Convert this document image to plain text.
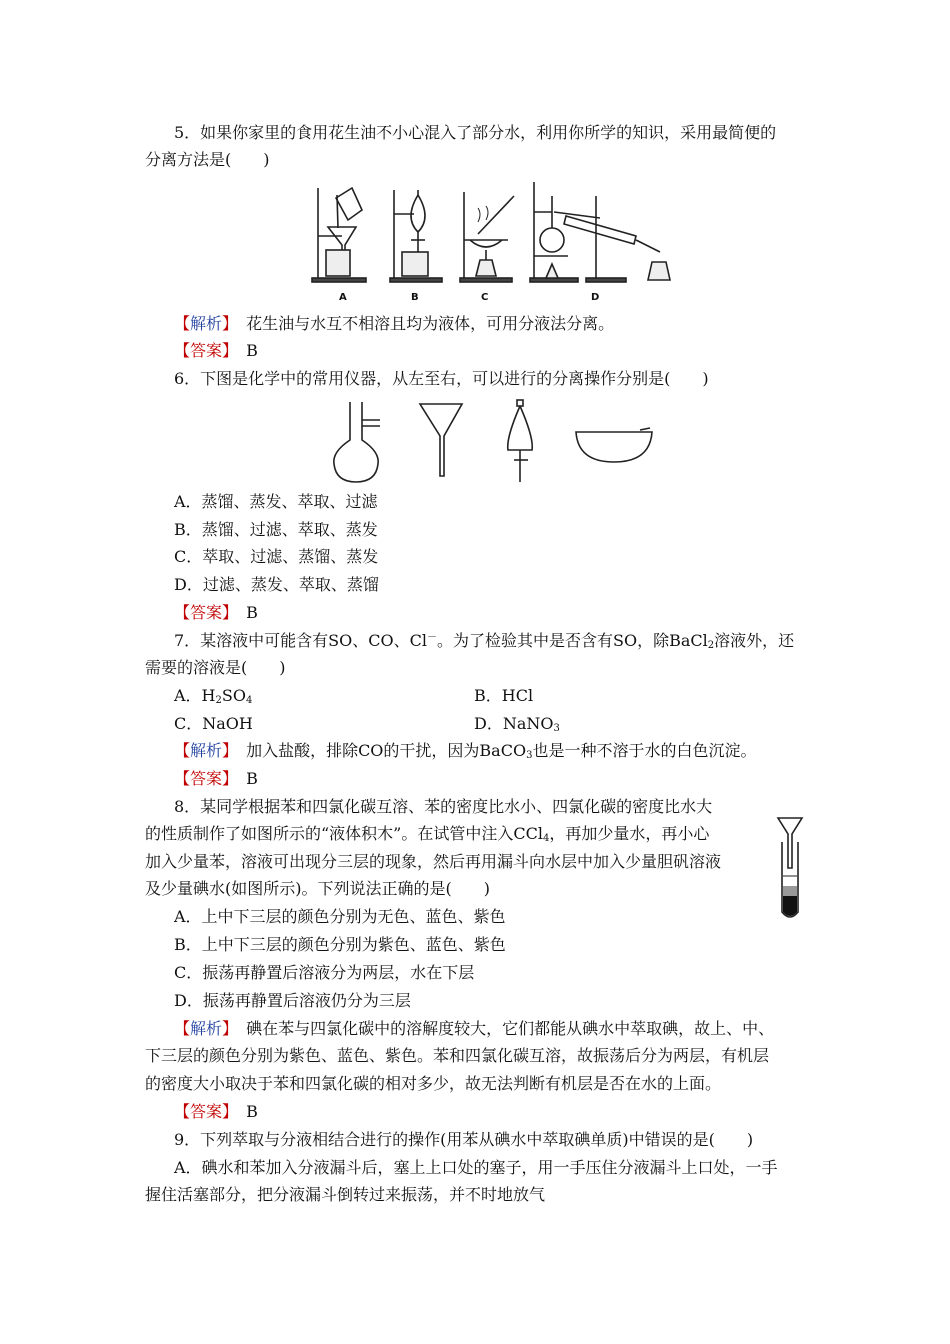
5．如果你家里的食用花生油不小心混入了部分水，利用你所学的知识，采用最简便的
分离方法是(　　)
A	B	C	D
【解析】　 花生油与水互不相溶且均为液体，可用分液法分离。
【答案】　 B
6．下图是化学中的常用仪器，从左至右，可以进行的分离操作分别是(　　)
A．蒸馏、蒸发、萃取、过滤
B．蒸馏、过滤、萃取、蒸发
C．萃取、过滤、蒸馏、蒸发
D．过滤、蒸发、萃取、蒸馏
【答案】　 B
7．某溶液中可能含有SO、CO、Cl－。为了检验其中是否含有SO，除BaCl$_2$溶液外，还
需要的溶液是(　　)
A．$H_2SO_4$	B．HCl
C．NaOH	D．NaNO$_3$
【解析】　 加入盐酸，排除CO的干扰，因为BaCO$_3$也是一种不溶于水的白色沉淀。
【答案】　 B
8．某同学根据苯和四氯化碳互溶、苯的密度比水小、四氯化碳的密度比水大
的性质制作了如图所示的“液体积木”。在试管中注入CCl$_4$，再加少量水，再小心
加入少量苯，溶液可出现分三层的现象，然后再用漏斗向水层中加入少量胆矾溶液
及少量碘水(如图所示)。下列说法正确的是(　　)
A．上中下三层的颜色分别为无色、蓝色、紫色
B．上中下三层的颜色分别为紫色、蓝色、紫色
C．振荡再静置后溶液分为两层，水在下层
D．振荡再静置后溶液仍分为三层
【解析】　 碘在苯与四氯化碳中的溶解度较大，它们都能从碘水中萃取碘，故上、中、
下三层的颜色分别为紫色、蓝色、紫色。苯和四氯化碳互溶，故振荡后分为两层，有机层
的密度大小取决于苯和四氯化碳的相对多少，故无法判断有机层是否在水的上面。
【答案】　 B
9．下列萃取与分液相结合进行的操作(用苯从碘水中萃取碘单质)中错误的是(　　)
A．碘水和苯加入分液漏斗后，塞上上口处的塞子，用一手压住分液漏斗上口处，一手
握住活塞部分，把分液漏斗倒转过来振荡，并不时地放气
